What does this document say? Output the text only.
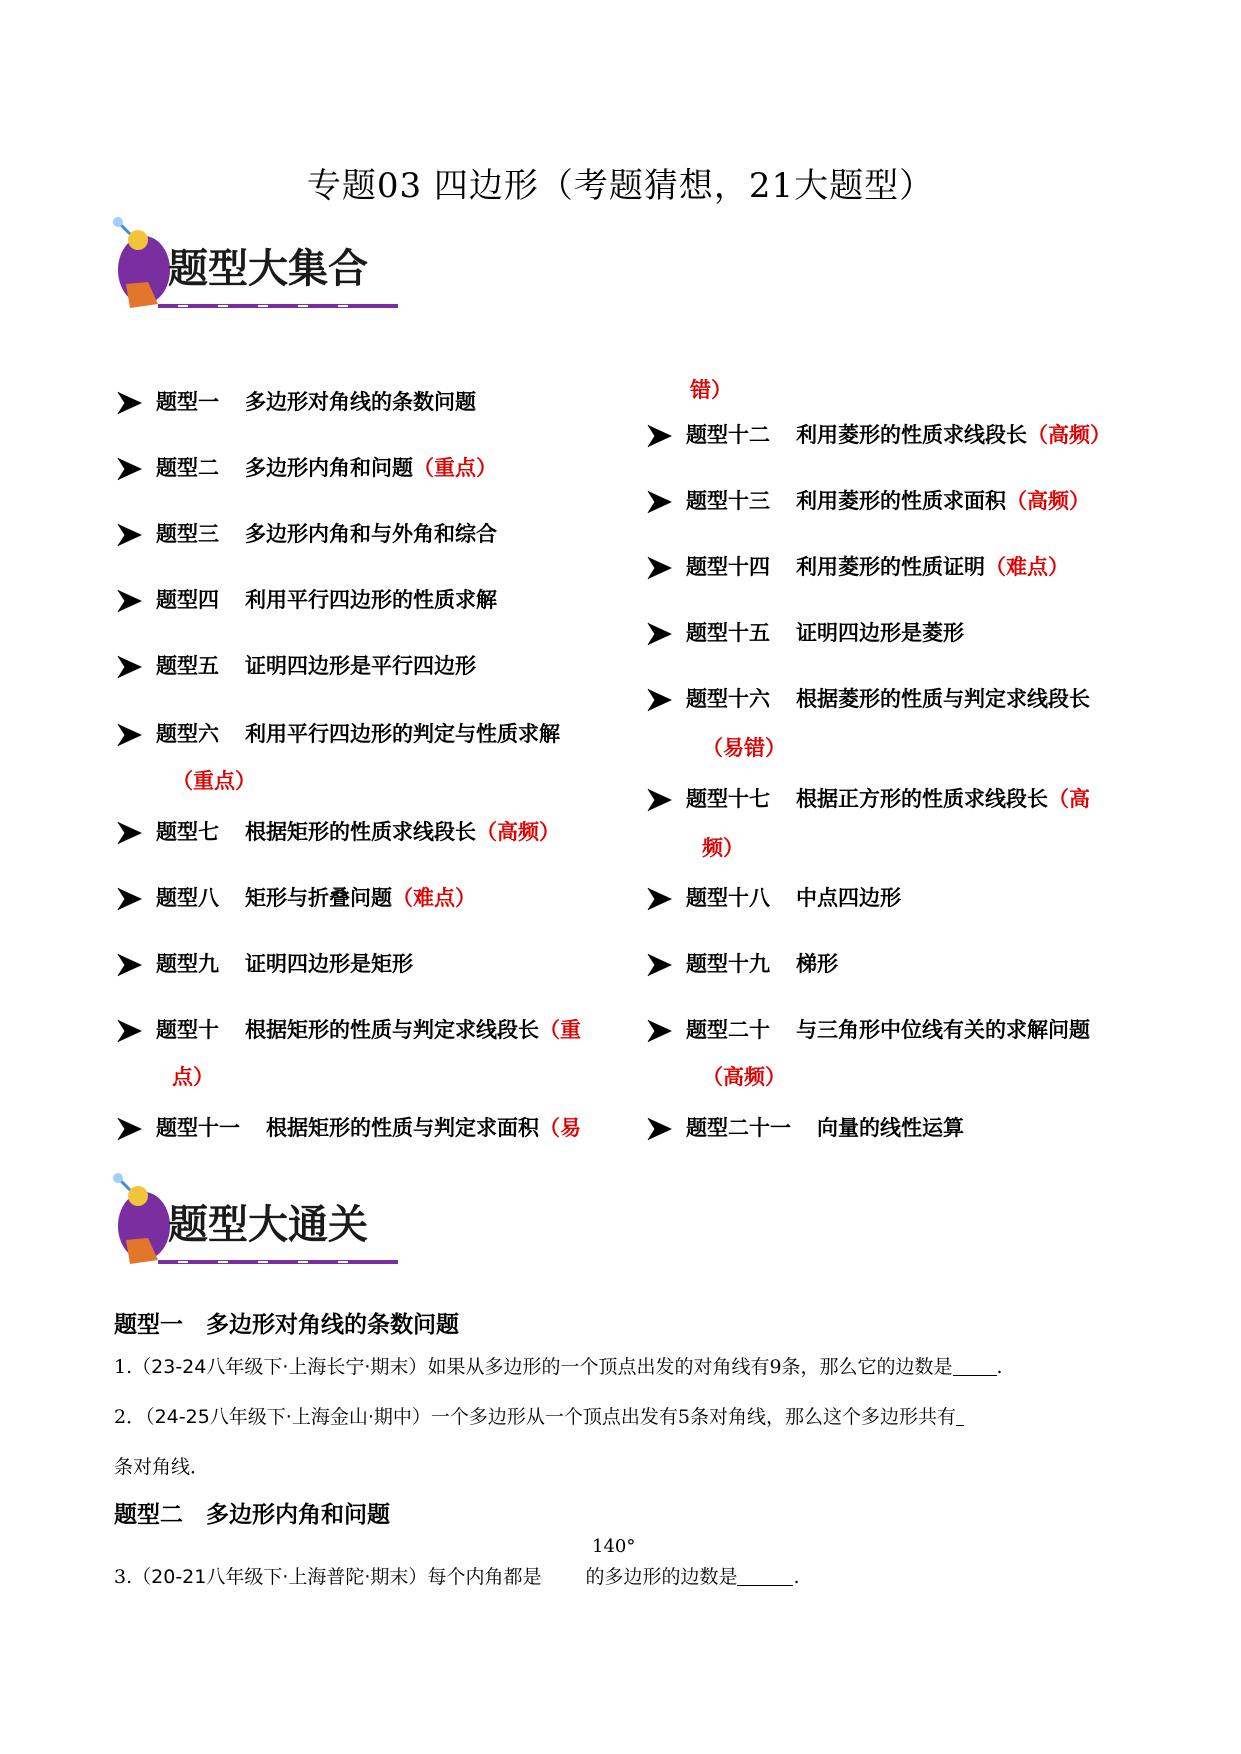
专题03 四边形（考题猜想，21大题型）
题型大集合
题型一 多边形对角线的条数问题
题型二 多边形内角和问题（重点）
题型三 多边形内角和与外角和综合
题型四 利用平行四边形的性质求解
题型五 证明四边形是平行四边形
题型六 利用平行四边形的判定与性质求解
（重点）
题型七 根据矩形的性质求线段长（高频）
题型八 矩形与折叠问题（难点）
题型九 证明四边形是矩形
题型十 根据矩形的性质与判定求线段长（重
点）
题型十一 根据矩形的性质与判定求面积（易
题型十二 利用菱形的性质求线段长（高频）
题型十三 利用菱形的性质求面积（高频）
题型十四 利用菱形的性质证明（难点）
题型十五 证明四边形是菱形
题型十六 根据菱形的性质与判定求线段长
（易错）
题型十七 根据正方形的性质求线段长（高
频）
题型十八 中点四边形
题型十九 梯形
题型二十 与三角形中位线有关的求解问题
（高频）
题型二十一 向量的线性运算
错）
题型大通关
题型一　多边形对角线的条数问题
1.（23-24八年级下·上海长宁·期末）如果从多边形的一个顶点出发的对角线有9条，那么它的边数是 .
2．（24-25八年级下·上海金山·期中）一个多边形从一个顶点出发有5条对角线，那么这个多边形共有
条对角线．
题型二　多边形内角和问题
3.（20-21八年级下·上海普陀·期末）每个内角都是 的多边形的边数是	.
140°
